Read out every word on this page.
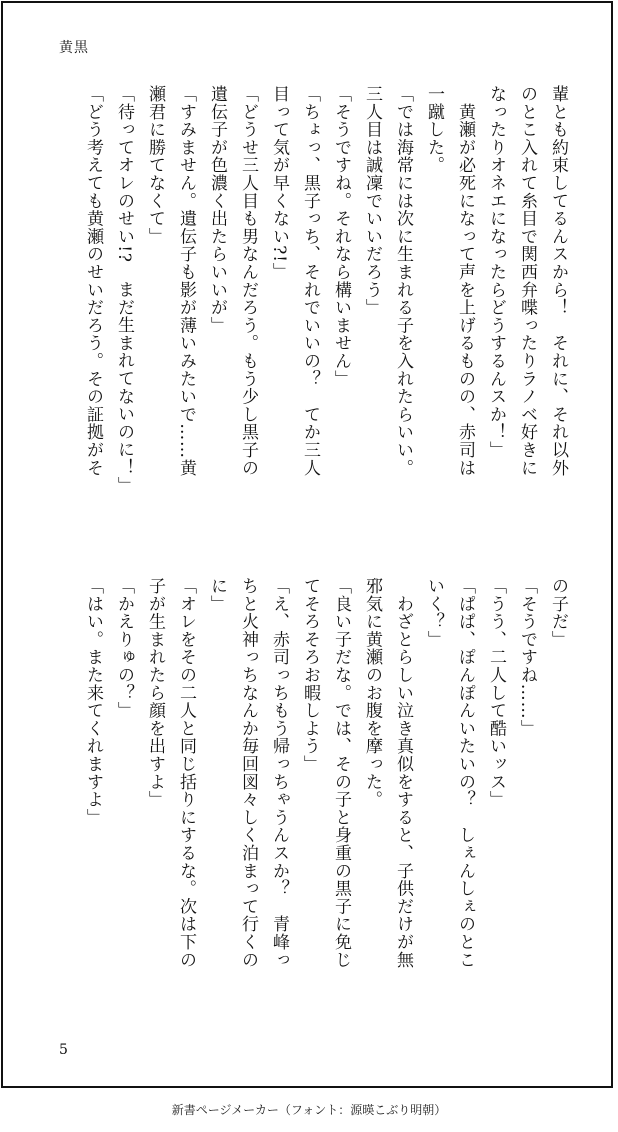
黄黒
輩とも約束してるんスから！　それに、それ以外
のとこ入れて糸目で関西弁喋ったりラノベ好きに
なったりオネエになったらどうするんスか！」
　黄瀬が必死になって声を上げるものの、赤司は
一蹴した。
「では海常には次に生まれる子を入れたらいい。
三人目は誠凜でいいだろう」
「そうですね。それなら構いません」
「ちょっ、黒子っち、それでいいの？　てか三人
目って気が早くない?!」
「どうせ三人目も男なんだろう。もう少し黒子の
遺伝子が色濃く出たらいいが」
「すみません。遺伝子も影が薄いみたいで……黄
瀬君に勝てなくて」
「待ってオレのせい!?　まだ生まれてないのに！」
「どう考えても黄瀬のせいだろう。その証拠がそ
の子だ」
「そうですね……」
「うう、二人して酷いッス」
「ぱぱ、ぽんぽんいたいの？　しぇんしぇのとこ
いく？」
　わざとらしい泣き真似をすると、子供だけが無
邪気に黄瀬のお腹を摩った。
「良い子だな。では、その子と身重の黒子に免じ
てそろそろお暇しよう」
「え、赤司っちもう帰っちゃうんスか？　青峰っ
ちと火神っちなんか毎回図々しく泊まって行くの
に」
「オレをその二人と同じ括りにするな。次は下の
子が生まれたら顔を出すよ」
「かえりゅの？」
「はい。また来てくれますよ」
5
新書ページメーカー（フォント：源暎こぶり明朝）
